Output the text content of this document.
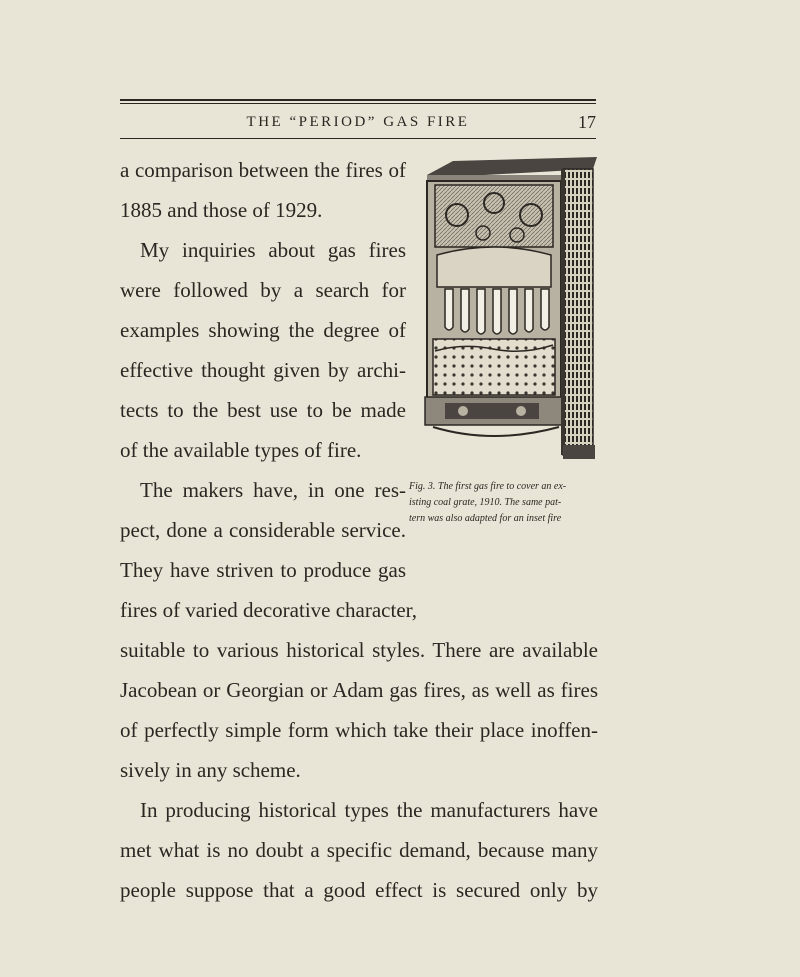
THE “PERIOD” GAS FIRE	17
a comparison between the fires of
1885 and those of 1929.
My inquiries about gas fires
were followed by a search for
examples showing the degree of
effective thought given by archi-
tects to the best use to be made
of the available types of fire.
The makers have, in one res-
pect, done a considerable service.
They have striven to produce gas
fires of varied decorative character,
suitable to various historical styles. There are available
Jacobean or Georgian or Adam gas fires, as well as fires
of perfectly simple form which take their place inoffen-
sively in any scheme.
In producing historical types the manufacturers have
met what is no doubt a specific demand, because many
people suppose that a good effect is secured only by
Fig. 3. The first gas fire to cover an ex-
isting coal grate, 1910. The same pat-
tern was also adapted for an inset fire
